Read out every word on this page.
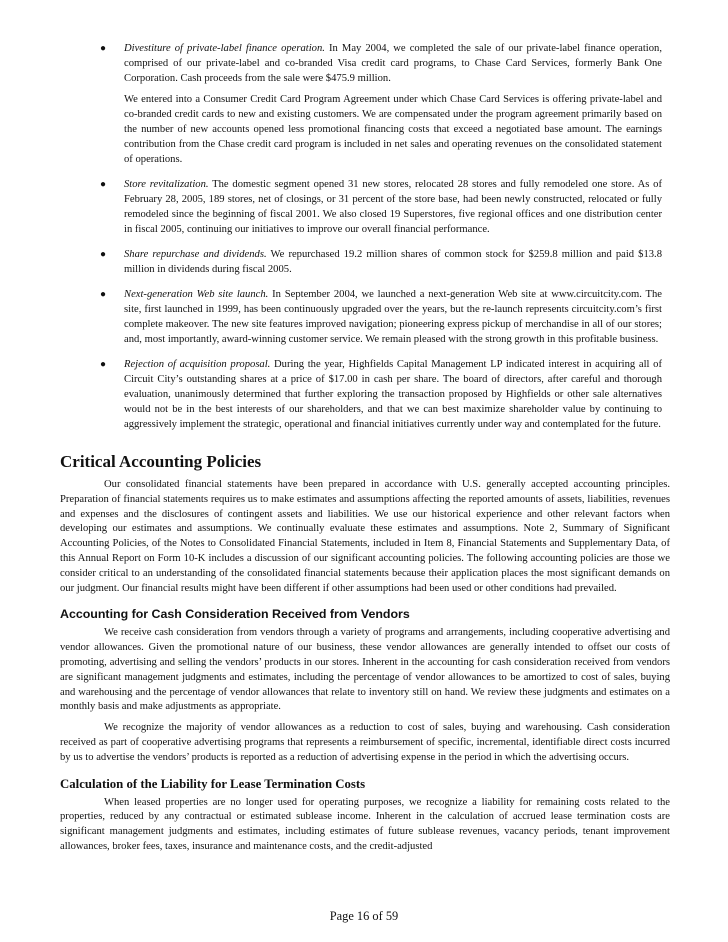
● Divestiture of private-label finance operation. In May 2004, we completed the sale of our private-label finance operation, comprised of our private-label and co-branded Visa credit card programs, to Chase Card Services, formerly Bank One Corporation. Cash proceeds from the sale were $475.9 million.
We entered into a Consumer Credit Card Program Agreement under which Chase Card Services is offering private-label and co-branded credit cards to new and existing customers. We are compensated under the program agreement primarily based on the number of new accounts opened less promotional financing costs that exceed a negotiated base amount. The earnings contribution from the Chase credit card program is included in net sales and operating revenues on the consolidated statement of operations.
● Store revitalization. The domestic segment opened 31 new stores, relocated 28 stores and fully remodeled one store. As of February 28, 2005, 189 stores, net of closings, or 31 percent of the store base, had been newly constructed, relocated or fully remodeled since the beginning of fiscal 2001. We also closed 19 Superstores, five regional offices and one distribution center in fiscal 2005, continuing our initiatives to improve our overall financial performance.
● Share repurchase and dividends. We repurchased 19.2 million shares of common stock for $259.8 million and paid $13.8 million in dividends during fiscal 2005.
● Next-generation Web site launch. In September 2004, we launched a next-generation Web site at www.circuitcity.com. The site, first launched in 1999, has been continuously upgraded over the years, but the re-launch represents circuitcity.com’s first complete makeover. The new site features improved navigation; pioneering express pickup of merchandise in all of our stores; and, most importantly, award-winning customer service. We remain pleased with the strong growth in this profitable business.
● Rejection of acquisition proposal. During the year, Highfields Capital Management LP indicated interest in acquiring all of Circuit City’s outstanding shares at a price of $17.00 in cash per share. The board of directors, after careful and thorough evaluation, unanimously determined that further exploring the transaction proposed by Highfields or other sale alternatives would not be in the best interests of our shareholders, and that we can best maximize shareholder value by continuing to aggressively implement the strategic, operational and financial initiatives currently under way and contemplated for the future.
Critical Accounting Policies

Our consolidated financial statements have been prepared in accordance with U.S. generally accepted accounting principles. Preparation of financial statements requires us to make estimates and assumptions affecting the reported amounts of assets, liabilities, revenues and expenses and the disclosures of contingent assets and liabilities. We use our historical experience and other relevant factors when developing our estimates and assumptions. We continually evaluate these estimates and assumptions. Note 2, Summary of Significant Accounting Policies, of the Notes to Consolidated Financial Statements, included in Item 8, Financial Statements and Supplementary Data, of this Annual Report on Form 10-K includes a discussion of our significant accounting policies. The following accounting policies are those we consider critical to an understanding of the consolidated financial statements because their application places the most significant demands on our judgment. Our financial results might have been different if other assumptions had been used or other conditions had prevailed.

Accounting for Cash Consideration Received from Vendors

We receive cash consideration from vendors through a variety of programs and arrangements, including cooperative advertising and vendor allowances. Given the promotional nature of our business, these vendor allowances are generally intended to offset our costs of promoting, advertising and selling the vendors’ products in our stores. Inherent in the accounting for cash consideration received from vendors are significant management judgments and estimates, including the percentage of vendor allowances to be amortized to cost of sales, buying and warehousing and the percentage of vendor allowances that relate to inventory still on hand. We review these judgments and estimates on a monthly basis and make adjustments as appropriate.

We recognize the majority of vendor allowances as a reduction to cost of sales, buying and warehousing. Cash consideration received as part of cooperative advertising programs that represents a reimbursement of specific, incremental, identifiable direct costs incurred by us to advertise the vendors’ products is reported as a reduction of advertising expense in the period in which the advertising occurs.

Calculation of the Liability for Lease Termination Costs

When leased properties are no longer used for operating purposes, we recognize a liability for remaining costs related to the properties, reduced by any contractual or estimated sublease income. Inherent in the calculation of accrued lease termination costs are significant management judgments and estimates, including estimates of future sublease revenues, vacancy periods, tenant improvement allowances, broker fees, taxes, insurance and maintenance costs, and the credit-adjusted

Page 16 of 59
